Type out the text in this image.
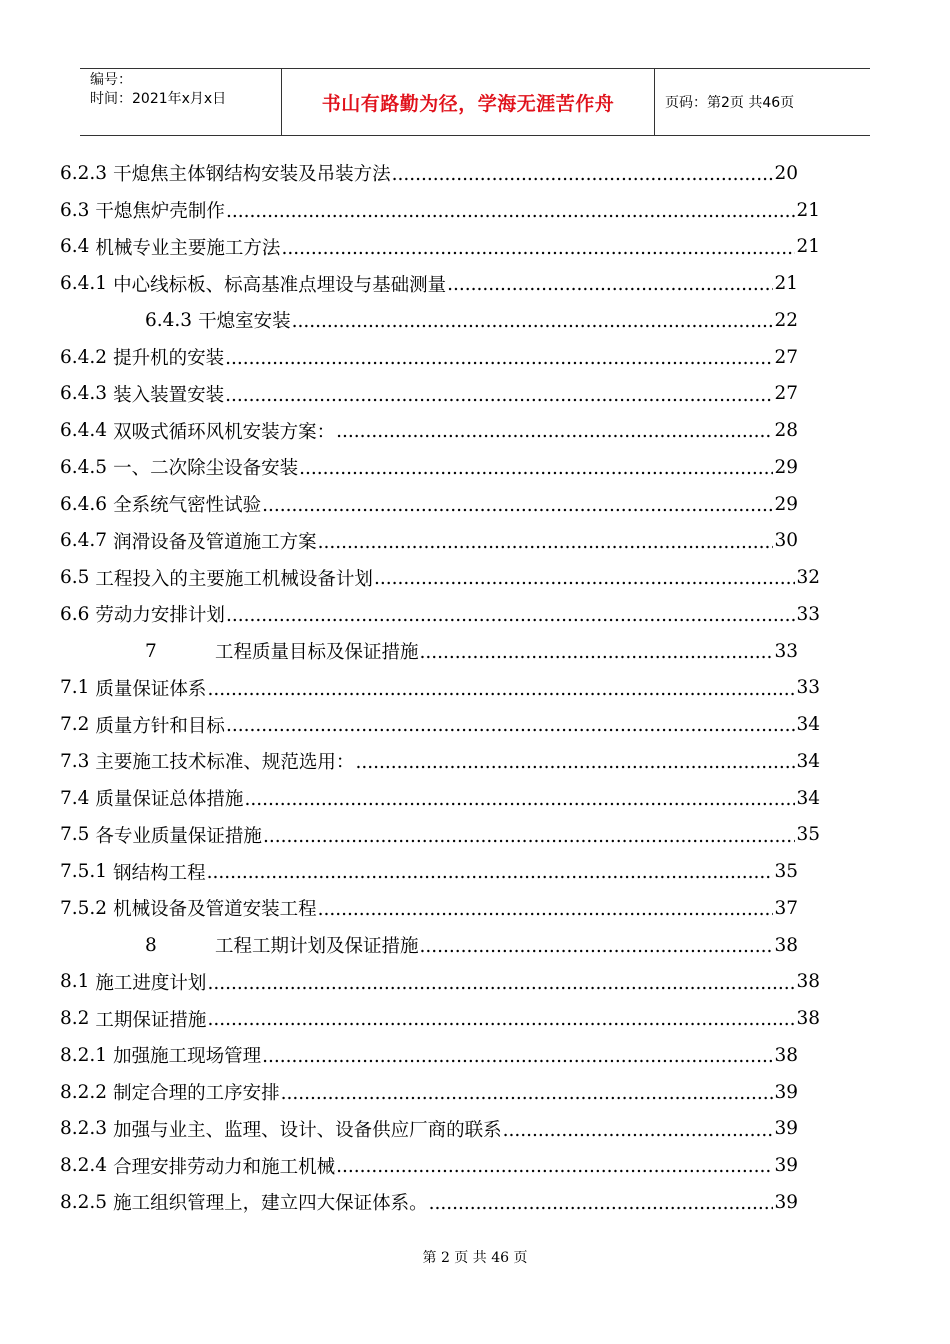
编号：
时间：2021年x月x日	书山有路勤为径，学海无涯苦作舟	页码：第2页 共46页
6.2.3 干熄焦主体钢结构安装及吊装方法 .....	20
6.3 干熄焦炉壳制作 .....	21
6.4 机械专业主要施工方法 .....	21
6.4.1 中心线标板、标高基准点埋设与基础测量 .....	21
6.4.3 干熄室安装 .....	22
6.4.2 提升机的安装 .....	27
6.4.3 装入装置安装 .....	27
6.4.4 双吸式循环风机安装方案： .....	28
6.4.5 一、二次除尘设备安装 .....	29
6.4.6 全系统气密性试验 .....	29
6.4.7 润滑设备及管道施工方案 .....	30
6.5 工程投入的主要施工机械设备计划 .....	32
6.6 劳动力安排计划 .....	33
7	工程质量目标及保证措施 .....	33
7.1 质量保证体系 .....	33
7.2 质量方针和目标 .....	34
7.3 主要施工技术标准、规范选用： .....	34
7.4 质量保证总体措施 .....	34
7.5 各专业质量保证措施 .....	35
7.5.1 钢结构工程 .....	35
7.5.2 机械设备及管道安装工程 .....	37
8	工程工期计划及保证措施 .....	38
8.1 施工进度计划 .....	38
8.2 工期保证措施 .....	38
8.2.1 加强施工现场管理 .....	38
8.2.2 制定合理的工序安排 .....	39
8.2.3 加强与业主、监理、设计、设备供应厂商的联系 .....	39
8.2.4 合理安排劳动力和施工机械 .....	39
8.2.5 施工组织管理上，建立四大保证体系。 .....	39
第 2 页 共 46 页
